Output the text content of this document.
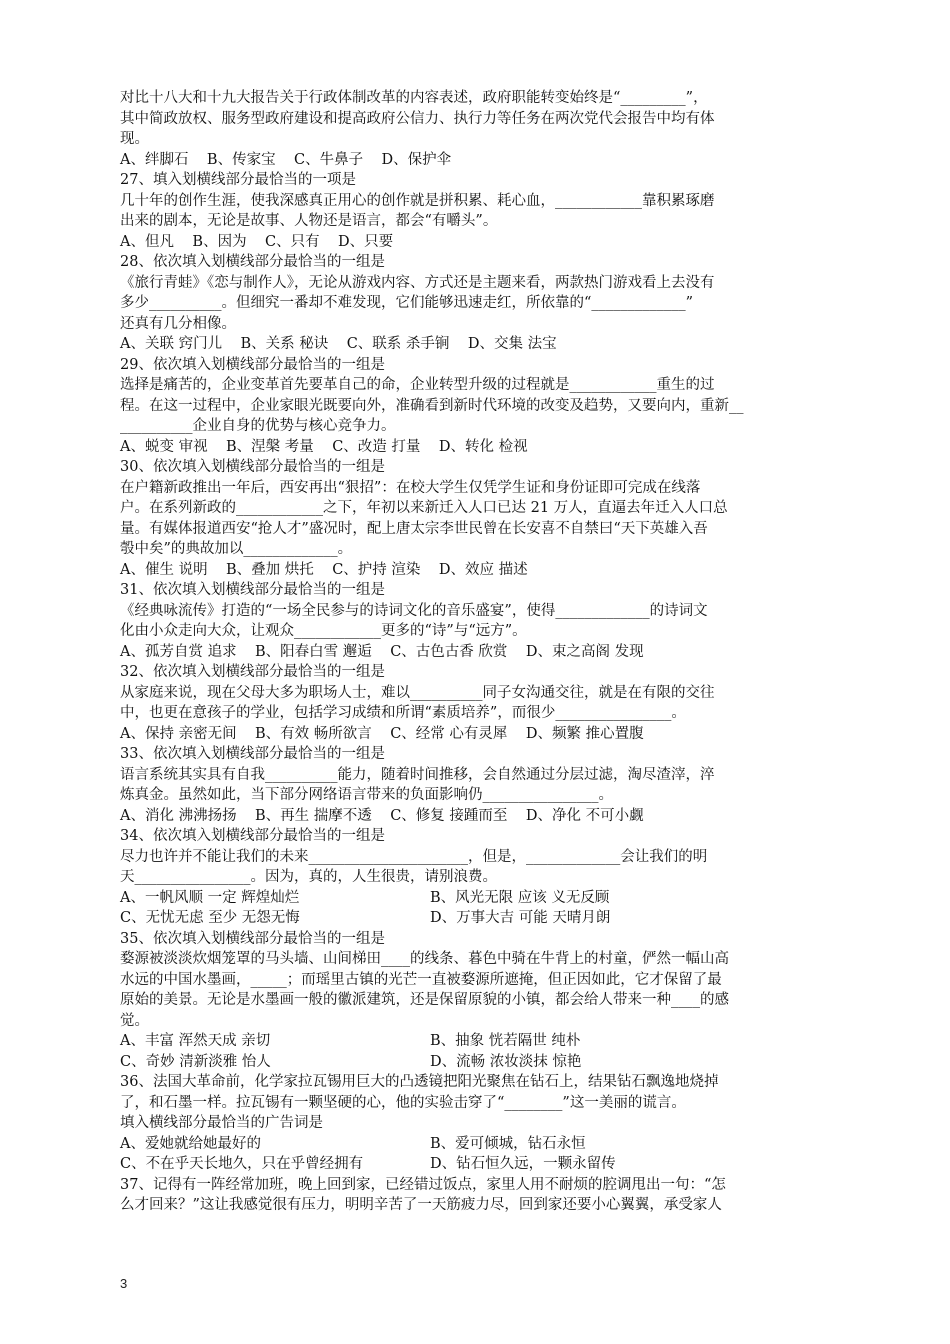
对比十八大和十九大报告关于行政体制改革的内容表述，政府职能转变始终是“_________”，

其中简政放权、服务型政府建设和提高政府公信力、执行力等任务在两次党代会报告中均有体

现。

A、绊脚石    B、传家宝    C、牛鼻子    D、保护伞

27、填入划横线部分最恰当的一项是

几十年的创作生涯，使我深感真正用心的创作就是拼积累、耗心血，____________靠积累琢磨

出来的剧本，无论是故事、人物还是语言，都会“有嚼头”。

A、但凡    B、因为    C、只有    D、只要

28、依次填入划横线部分最恰当的一组是

《旅行青蛙》《恋与制作人》，无论从游戏内容、方式还是主题来看，两款热门游戏看上去没有

多少__________。但细究一番却不难发现，它们能够迅速走红，所依靠的“_____________”

还真有几分相像。

A、关联 窍门儿    B、关系 秘诀    C、联系 杀手锏    D、交集 法宝

29、依次填入划横线部分最恰当的一组是

选择是痛苦的，企业变革首先要革自己的命，企业转型升级的过程就是____________重生的过

程。在这一过程中，企业家眼光既要向外，准确看到新时代环境的改变及趋势，又要向内，重新__

__________企业自身的优势与核心竞争力。

A、蜕变 审视    B、涅槃 考量    C、改造 打量    D、转化 检视

30、依次填入划横线部分最恰当的一组是

在户籍新政推出一年后，西安再出“狠招”：在校大学生仅凭学生证和身份证即可完成在线落

户。在系列新政的____________之下，年初以来新迁入人口已达 21 万人，直逼去年迁入人口总

量。有媒体报道西安“抢人才”盛况时，配上唐太宗李世民曾在长安喜不自禁曰“天下英雄入吾

彀中矣”的典故加以_____________。

A、催生 说明    B、叠加 烘托    C、护持 渲染    D、效应 描述

31、依次填入划横线部分最恰当的一组是

《经典咏流传》打造的“一场全民参与的诗词文化的音乐盛宴”，使得_____________的诗词文

化由小众走向大众，让观众____________更多的“诗”与“远方”。

A、孤芳自赏 追求    B、阳春白雪 邂逅    C、古色古香 欣赏    D、束之高阁 发现

32、依次填入划横线部分最恰当的一组是

从家庭来说，现在父母大多为职场人士，难以__________同子女沟通交往，就是在有限的交往

中，也更在意孩子的学业，包括学习成绩和所谓“素质培养”，而很少________________。

A、保持 亲密无间    B、有效 畅所欲言    C、经常 心有灵犀    D、频繁 推心置腹

33、依次填入划横线部分最恰当的一组是

语言系统其实具有自我__________能力，随着时间推移，会自然通过分层过滤，淘尽渣滓，淬

炼真金。虽然如此，当下部分网络语言带来的负面影响仍________________。

A、消化 沸沸扬扬    B、再生 揣摩不透    C、修复 接踵而至    D、净化 不可小觑

34、依次填入划横线部分最恰当的一组是

尽力也许并不能让我们的未来______________________，但是，_____________会让我们的明

天________________。因为，真的，人生很贵，请别浪费。

A、一帆风顺 一定 辉煌灿烂	B、风光无限 应该 义无反顾
C、无忧无虑 至少 无怨无悔	D、万事大吉 可能 天晴月朗

35、依次填入划横线部分最恰当的一组是

婺源被淡淡炊烟笼罩的马头墙、山间梯田____的线条、暮色中骑在牛背上的村童，俨然一幅山高

水远的中国水墨画，_____；而瑶里古镇的光芒一直被婺源所遮掩，但正因如此，它才保留了最

原始的美景。无论是水墨画一般的徽派建筑，还是保留原貌的小镇，都会给人带来一种____的感

觉。

A、丰富 浑然天成 亲切	B、抽象 恍若隔世 纯朴
C、奇妙 清新淡雅 怡人	D、流畅 浓妆淡抹 惊艳

36、法国大革命前，化学家拉瓦锡用巨大的凸透镜把阳光聚焦在钻石上，结果钻石飘逸地烧掉

了，和石墨一样。拉瓦锡有一颗坚硬的心，他的实验击穿了“________”这一美丽的谎言。

填入横线部分最恰当的广告词是

A、爱她就给她最好的	B、爱可倾城，钻石永恒
C、不在乎天长地久，只在乎曾经拥有	D、钻石恒久远，一颗永留传

37、记得有一阵经常加班，晚上回到家，已经错过饭点，家里人用不耐烦的腔调甩出一句：“怎

么才回来？”这让我感觉很有压力，明明辛苦了一天筋疲力尽，回到家还要小心翼翼，承受家人

3
